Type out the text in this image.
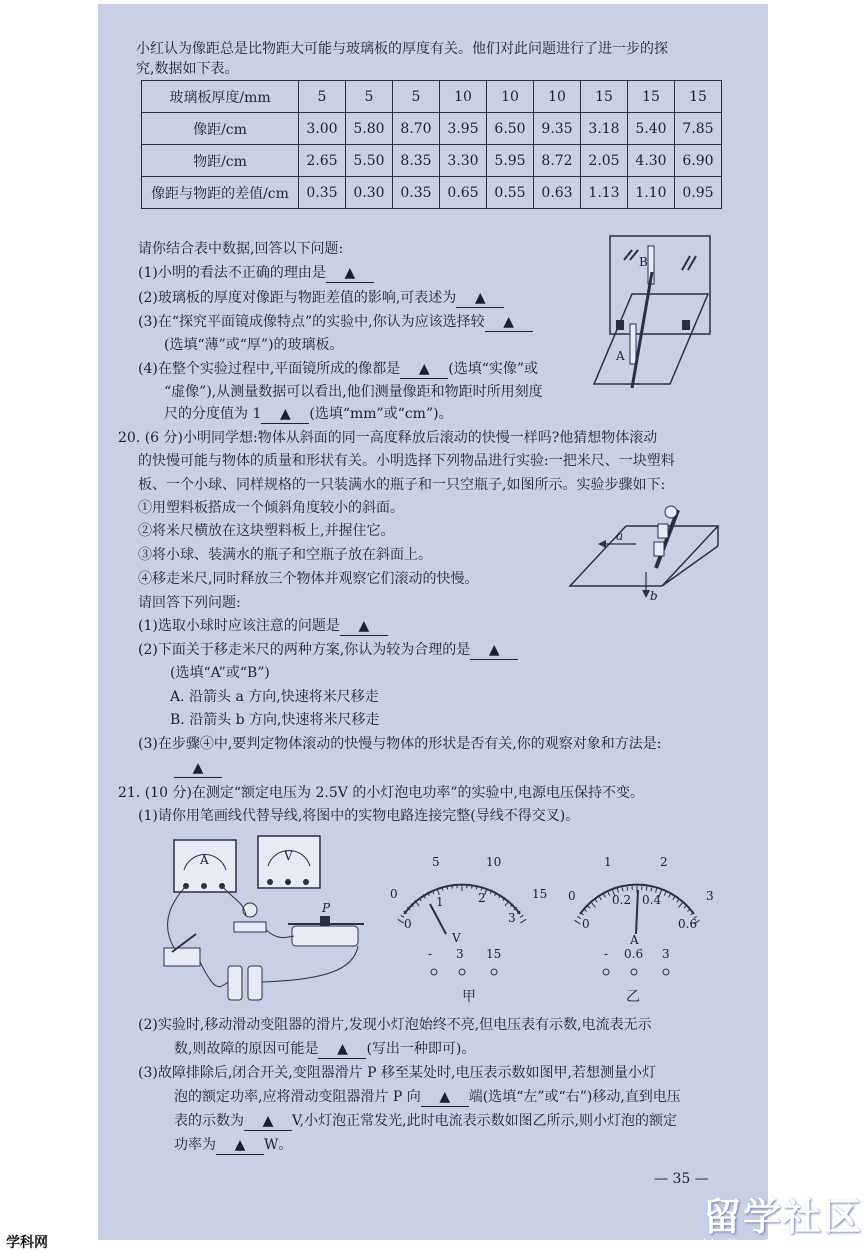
小红认为像距总是比物距大可能与玻璃板的厚度有关。他们对此问题进行了进一步的探
究,数据如下表。
玻璃板厚度/mm	5	5	5	10	10	10	15	15	15
像距/cm	3.00	5.80	8.70	3.95	6.50	9.35	3.18	5.40	7.85
物距/cm	2.65	5.50	8.35	3.30	5.95	8.72	2.05	4.30	6.90
像距与物距的差值/cm	0.35	0.30	0.35	0.65	0.55	0.63	1.13	1.10	0.95
请你结合表中数据,回答以下问题:
(1)小明的看法不正确的理由是 ▲
(2)玻璃板的厚度对像距与物距差值的影响,可表述为 ▲
(3)在“探究平面镜成像特点”的实验中,你认为应该选择较 ▲
(选填“薄”或“厚”)的玻璃板。
(4)在整个实验过程中,平面镜所成的像都是 ▲ (选填“实像”或
“虚像”),从测量数据可以看出,他们测量像距和物距时所用刻度
尺的分度值为 1 ▲ (选填“mm”或“cm”)。
B
A
20. (6 分)小明同学想:物体从斜面的同一高度释放后滚动的快慢一样吗?他猜想物体滚动
的快慢可能与物体的质量和形状有关。小明选择下列物品进行实验:一把米尺、一块塑料
板、一个小球、同样规格的一只装满水的瓶子和一只空瓶子,如图所示。实验步骤如下:
①用塑料板搭成一个倾斜角度较小的斜面。
②将米尺横放在这块塑料板上,并握住它。
③将小球、装满水的瓶子和空瓶子放在斜面上。
④移走米尺,同时释放三个物体并观察它们滚动的快慢。
请回答下列问题:
(1)选取小球时应该注意的问题是 ▲
(2)下面关于移走米尺的两种方案,你认为较为合理的是 ▲
(选填“A”或“B”)
A. 沿箭头 a 方向,快速将米尺移走
B. 沿箭头 b 方向,快速将米尺移走
(3)在步骤④中,要判定物体滚动的快慢与物体的形状是否有关,你的观察对象和方法是:
▲
a
b
21. (10 分)在测定“额定电压为 2.5V 的小灯泡电功率”的实验中,电源电压保持不变。
(1)请你用笔画线代替导线,将图中的实物电路连接完整(导线不得交叉)。
A	V
P
5	10
0	15
0
1	2
3
V
- 3 15
甲
1	2
0	3
0
0.2 0.4
0.6
A
- 0.6 3
乙
(2)实验时,移动滑动变阻器的滑片,发现小灯泡始终不亮,但电压表有示数,电流表无示
数,则故障的原因可能是 ▲ (写出一种即可)。
(3)故障排除后,闭合开关,变阻器滑片 P 移至某处时,电压表示数如图甲,若想测量小灯
泡的额定功率,应将滑动变阻器滑片 P 向 ▲ 端(选填“左”或“右”)移动,直到电压
表的示数为 ▲ V,小灯泡正常发光,此时电流表示数如图乙所示,则小灯泡的额定
功率为 ▲ W。
— 35 —
留学社区
bbs.liuxue86.com
学科网
